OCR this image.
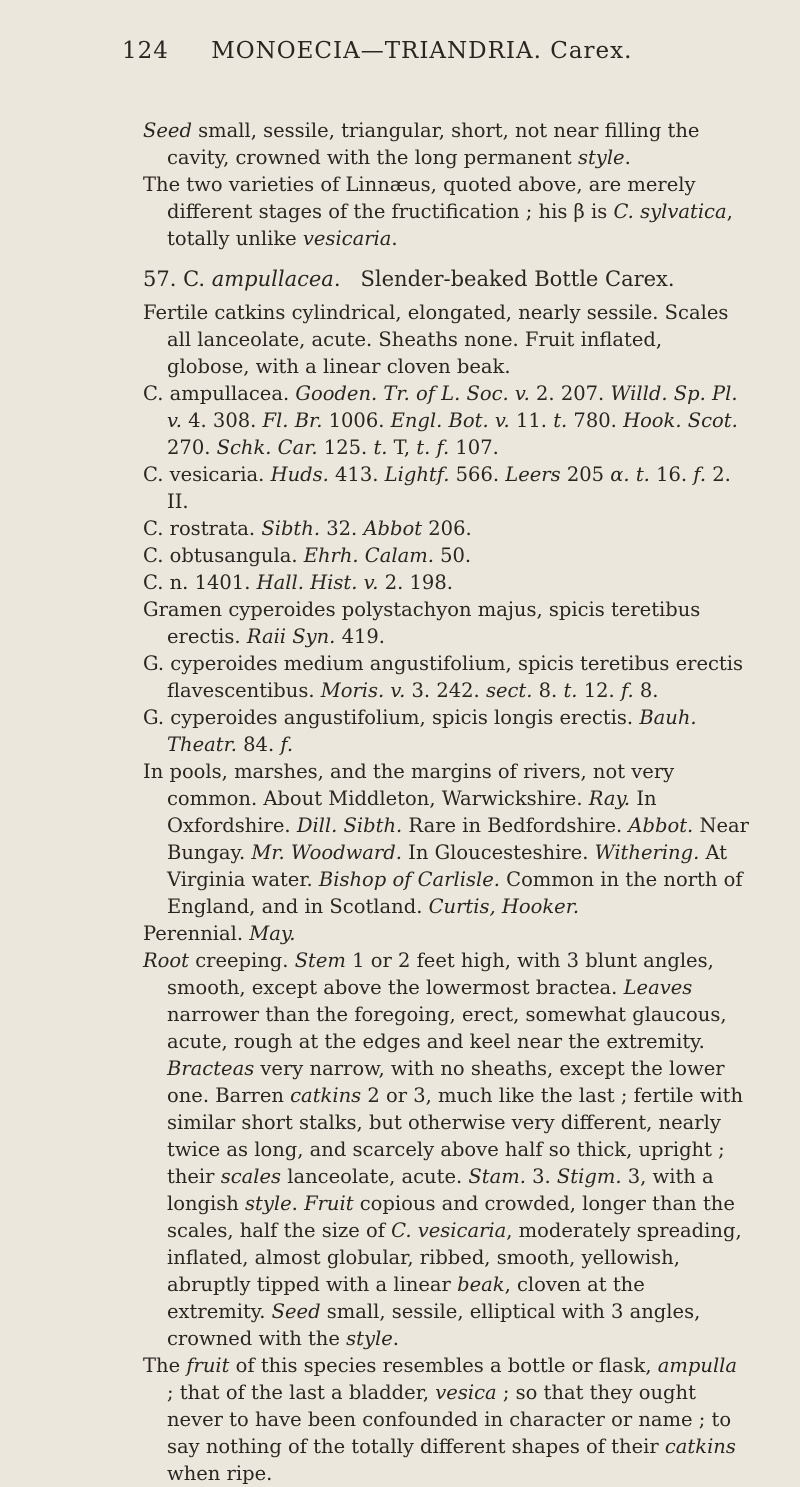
124 MONOECIA—TRIANDRIA. Carex.

Seed small, sessile, triangular, short, not near filling the cavity, crowned with the long permanent style.

The two varieties of Linnæus, quoted above, are merely different stages of the fructification ; his β is C. sylvatica, totally unlike vesicaria.

57. C. ampullacea.   Slender-beaked Bottle Carex.

Fertile catkins cylindrical, elongated, nearly sessile. Scales all lanceolate, acute. Sheaths none. Fruit inflated, globose, with a linear cloven beak.

C. ampullacea. Gooden. Tr. of L. Soc. v. 2. 207. Willd. Sp. Pl. v. 4. 308. Fl. Br. 1006. Engl. Bot. v. 11. t. 780. Hook. Scot. 270. Schk. Car. 125. t. T, t. f. 107.

C. vesicaria. Huds. 413. Lightf. 566. Leers 205 α. t. 16. f. 2. II.

C. rostrata. Sibth. 32. Abbot 206.

C. obtusangula. Ehrh. Calam. 50.

C. n. 1401. Hall. Hist. v. 2. 198.

Gramen cyperoides polystachyon majus, spicis teretibus erectis. Raii Syn. 419.

G. cyperoides medium angustifolium, spicis teretibus erectis flavescentibus. Moris. v. 3. 242. sect. 8. t. 12. f. 8.

G. cyperoides angustifolium, spicis longis erectis. Bauh. Theatr. 84. f.

In pools, marshes, and the margins of rivers, not very common. About Middleton, Warwickshire. Ray. In Oxfordshire. Dill. Sibth. Rare in Bedfordshire. Abbot. Near Bungay. Mr. Woodward. In Gloucesteshire. Withering. At Virginia water. Bishop of Carlisle. Common in the north of England, and in Scotland. Curtis, Hooker.

Perennial. May.

Root creeping. Stem 1 or 2 feet high, with 3 blunt angles, smooth, except above the lowermost bractea. Leaves narrower than the foregoing, erect, somewhat glaucous, acute, rough at the edges and keel near the extremity. Bracteas very narrow, with no sheaths, except the lower one. Barren catkins 2 or 3, much like the last ; fertile with similar short stalks, but otherwise very different, nearly twice as long, and scarcely above half so thick, upright ; their scales lanceolate, acute. Stam. 3. Stigm. 3, with a longish style. Fruit copious and crowded, longer than the scales, half the size of C. vesicaria, moderately spreading, inflated, almost globular, ribbed, smooth, yellowish, abruptly tipped with a linear beak, cloven at the extremity. Seed small, sessile, elliptical with 3 angles, crowned with the style.

The fruit of this species resembles a bottle or flask, ampulla ; that of the last a bladder, vesica ; so that they ought never to have been confounded in character or name ; to say nothing of the totally different shapes of their catkins when ripe.
